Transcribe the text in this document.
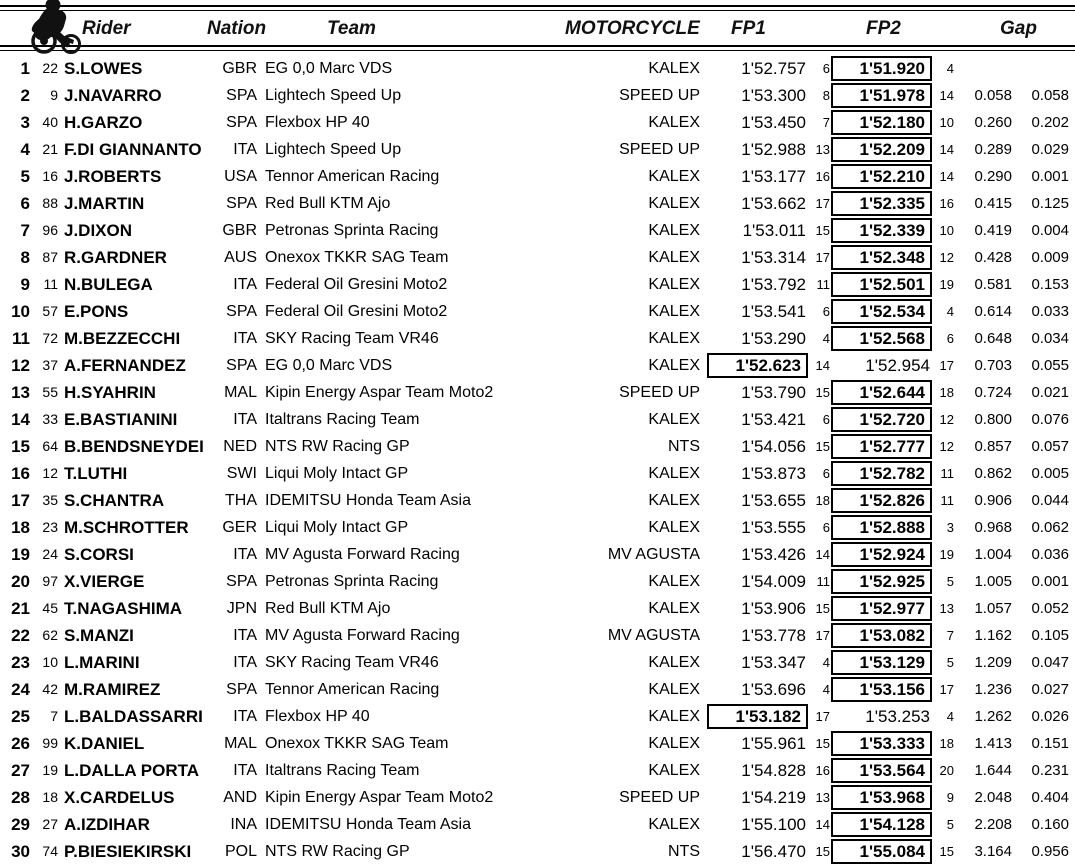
Rider	Nation	Team	MOTORCYCLE FP1	FP2	Gap
1 22 S.LOWES	GBR EG 0,0 Marc VDS	KALEX	1'52.757	6	1'51.920	4
2	9 J.NAVARRO	SPA Lightech Speed Up	SPEED UP	1'53.300	8	1'51.978	14	0.058	0.058
3 40 H.GARZO	SPA Flexbox HP 40	KALEX	1'53.450	7	1'52.180	10	0.260	0.202
4 21 F.DI GIANNANTO	ITA Lightech Speed Up	SPEED UP	1'52.988 13	1'52.209	14	0.289	0.029
5 16 J.ROBERTS	USA Tennor American Racing	KALEX	1'53.177 16	1'52.210	14	0.290	0.001
6 88 J.MARTIN	SPA Red Bull KTM Ajo	KALEX	1'53.662 17	1'52.335	16	0.415	0.125
7 96 J.DIXON	GBR Petronas Sprinta Racing	KALEX	1'53.011 15	1'52.339	10	0.419	0.004
8 87 R.GARDNER	AUS Onexox TKKR SAG Team	KALEX	1'53.314 17	1'52.348	12	0.428	0.009
9 11 N.BULEGA	ITA Federal Oil Gresini Moto2	KALEX	1'53.792 11	1'52.501	19	0.581	0.153
10 57 E.PONS	SPA Federal Oil Gresini Moto2	KALEX	1'53.541	6	1'52.534	4	0.614	0.033
11 72 M.BEZZECCHI	ITA SKY Racing Team VR46	KALEX	1'53.290	4	1'52.568	6	0.648	0.034
12 37 A.FERNANDEZ	SPA EG 0,0 Marc VDS	KALEX	1'52.623	14	1'52.954 17	0.703	0.055
13 55 H.SYAHRIN	MAL Kipin Energy Aspar Team Moto2	SPEED UP	1'53.790 15	1'52.644	18	0.724	0.021
14 33 E.BASTIANINI	ITA Italtrans Racing Team	KALEX	1'53.421	6	1'52.720	12	0.800	0.076
15 64 B.BENDSNEYDEI	NED NTS RW Racing GP	NTS	1'54.056 15	1'52.777	12	0.857	0.057
16 12 T.LUTHI	SWI Liqui Moly Intact GP	KALEX	1'53.873	6	1'52.782	11	0.862	0.005
17 35 S.CHANTRA	THA IDEMITSU Honda Team Asia	KALEX	1'53.655 18	1'52.826	11	0.906	0.044
18 23 M.SCHROTTER	GER Liqui Moly Intact GP	KALEX	1'53.555	6	1'52.888	3	0.968	0.062
19 24 S.CORSI	ITA MV Agusta Forward Racing	MV AGUSTA	1'53.426 14	1'52.924	19	1.004	0.036
20 97 X.VIERGE	SPA Petronas Sprinta Racing	KALEX	1'54.009 11	1'52.925	5	1.005	0.001
21 45 T.NAGASHIMA	JPN Red Bull KTM Ajo	KALEX	1'53.906 15	1'52.977	13	1.057	0.052
22 62 S.MANZI	ITA MV Agusta Forward Racing	MV AGUSTA	1'53.778 17	1'53.082	7	1.162	0.105
23 10 L.MARINI	ITA SKY Racing Team VR46	KALEX	1'53.347	4	1'53.129	5	1.209	0.047
24 42 M.RAMIREZ	SPA Tennor American Racing	KALEX	1'53.696	4	1'53.156	17	1.236	0.027
25	7 L.BALDASSARRI	ITA Flexbox HP 40	KALEX	1'53.182	17	1'53.253	4	1.262	0.026
26 99 K.DANIEL	MAL Onexox TKKR SAG Team	KALEX	1'55.961 15	1'53.333	18	1.413	0.151
27 19 L.DALLA PORTA	ITA Italtrans Racing Team	KALEX	1'54.828 16	1'53.564	20	1.644	0.231
28 18 X.CARDELUS	AND Kipin Energy Aspar Team Moto2	SPEED UP	1'54.219 13	1'53.968	9	2.048	0.404
29 27 A.IZDIHAR	INA IDEMITSU Honda Team Asia	KALEX	1'55.100 14	1'54.128	5	2.208	0.160
30 74 P.BIESIEKIRSKI	POL NTS RW Racing GP	NTS	1'56.470 15	1'55.084	15	3.164	0.956
